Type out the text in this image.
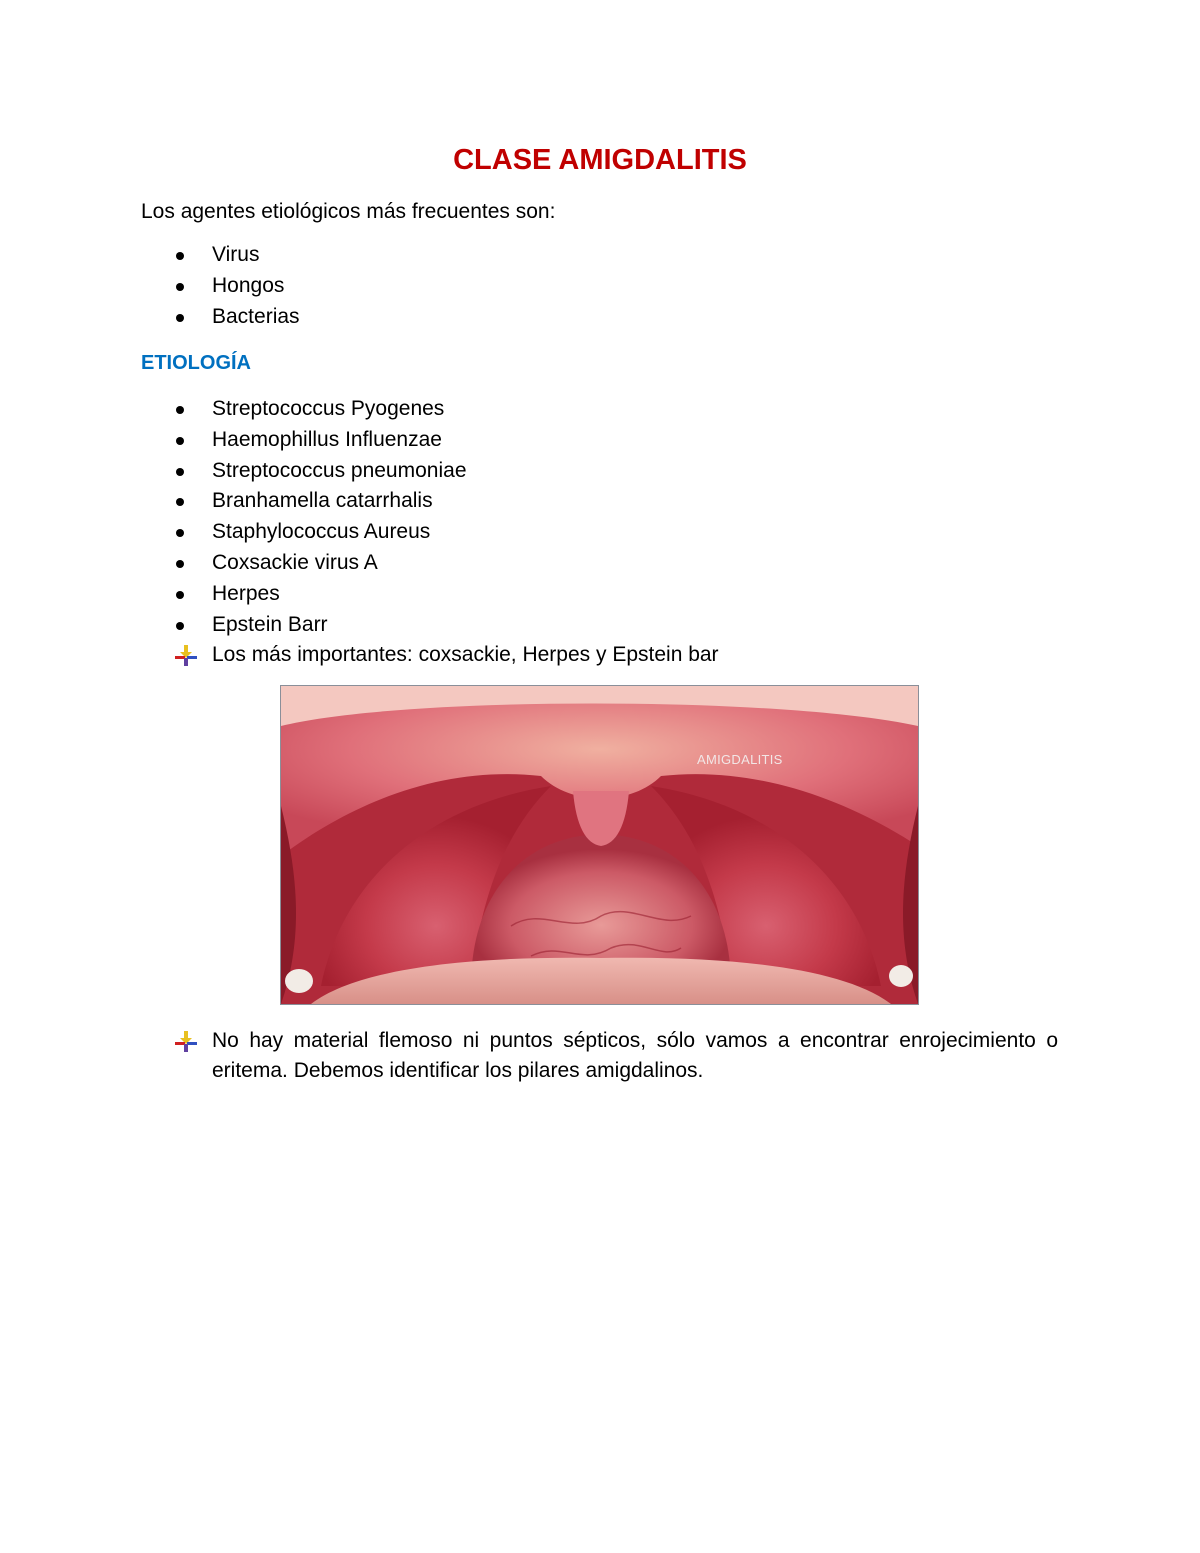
CLASE AMIGDALITIS
Los agentes etiológicos más frecuentes son:
Virus
Hongos
Bacterias
ETIOLOGÍA
Streptococcus Pyogenes
Haemophillus Influenzae
Streptococcus pneumoniae
Branhamella catarrhalis
Staphylococcus Aureus
Coxsackie virus A
Herpes
Epstein Barr
Los más importantes: coxsackie, Herpes y Epstein bar
AMIGDALITIS
No hay material flemoso ni puntos sépticos, sólo vamos a encontrar enrojecimiento o eritema. Debemos identificar los pilares amigdalinos.
